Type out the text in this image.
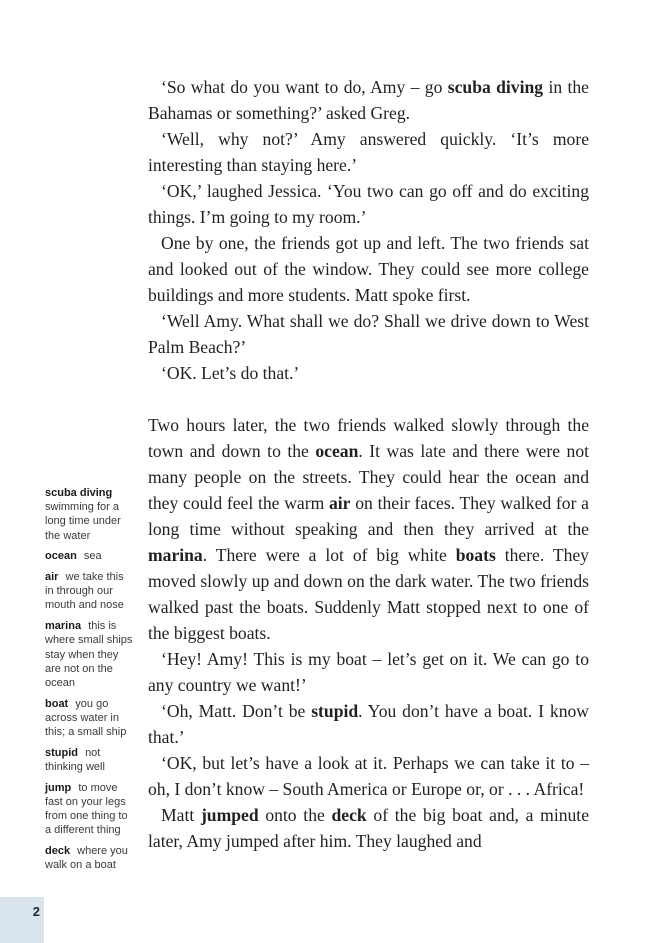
‘So what do you want to do, Amy – go scuba diving in the Bahamas or something?’ asked Greg.

‘Well, why not?’ Amy answered quickly. ‘It’s more interesting than staying here.’

‘OK,’ laughed Jessica. ‘You two can go off and do exciting things. I’m going to my room.’

One by one, the friends got up and left. The two friends sat and looked out of the window. They could see more college buildings and more students. Matt spoke first.

‘Well Amy. What shall we do? Shall we drive down to West Palm Beach?’

‘OK. Let’s do that.’

Two hours later, the two friends walked slowly through the town and down to the ocean. It was late and there were not many people on the streets. They could hear the ocean and they could feel the warm air on their faces. They walked for a long time without speaking and then they arrived at the marina. There were a lot of big white boats there. They moved slowly up and down on the dark water. The two friends walked past the boats. Suddenly Matt stopped next to one of the biggest boats.

‘Hey! Amy! This is my boat – let’s get on it. We can go to any country we want!’

‘Oh, Matt. Don’t be stupid. You don’t have a boat. I know that.’

‘OK, but let’s have a look at it. Perhaps we can take it to – oh, I don’t know – South America or Europe or, or . . . Africa!

Matt jumped onto the deck of the big boat and, a minute later, Amy jumped after him. They laughed and

scuba diving swimming for a long time under the water
ocean sea
air we take this in through our mouth and nose
marina this is where small ships stay when they are not on the ocean
boat you go across water in this; a small ship
stupid not thinking well
jump to move fast on your legs from one thing to a different thing
deck where you walk on a boat
2
